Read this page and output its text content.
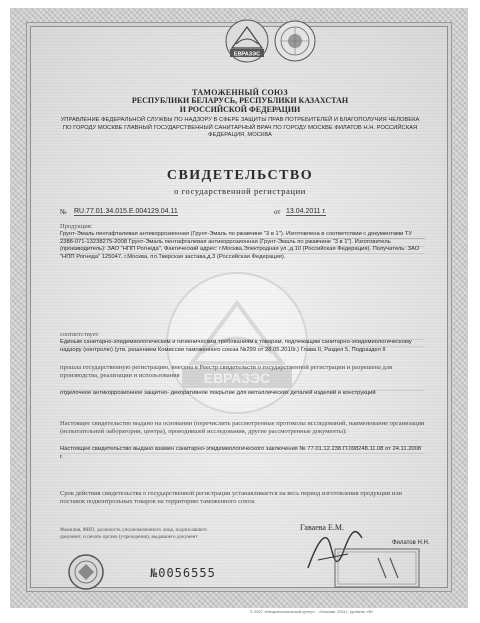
ЕВРАЗЭС
ТАМОЖЕННЫЙ СОЮЗ
РЕСПУБЛИКИ БЕЛАРУСЬ, РЕСПУБЛИКИ КАЗАХСТАН
И РОССИЙСКОЙ ФЕДЕРАЦИИ
УПРАВЛЕНИЕ ФЕДЕРАЛЬНОЙ СЛУЖБЫ ПО НАДЗОРУ В СФЕРЕ ЗАЩИТЫ ПРАВ ПОТРЕБИТЕЛЕЙ И БЛАГОПОЛУЧИЯ ЧЕЛОВЕКА ПО ГОРОДУ МОСКВЕ ГЛАВНЫЙ ГОСУДАРСТВЕННЫЙ САНИТАРНЫЙ ВРАЧ ПО ГОРОДУ МОСКВЕ ФИЛАТОВ Н.Н. РОССИЙСКАЯ ФЕДЕРАЦИЯ, МОСКВА
СВИДЕТЕЛЬСТВО
о государственной регистрации
№ RU.77.01.34.015.Е.004129.04.11	от 13.04.2011 г.
ЕВРАЗЭС
Продукция:
Грунт-Эмаль пентафталевая антикоррозионная (Грунт-Эмаль по ржавчине "3 в 1"). Изготовлена в соответствии с документами ТУ 2388-071-13238275-2008 Грунт-Эмаль пентафталевая антикоррозионная (Грунт-Эмаль по ржавчине "3 в 1"). Изготовитель (производитель): ЗАО "НПП Рогнеда", Фактический адрес: г.Москва,Электродная ул.,д.10 (Российская Федерация). Получатель: ЗАО "НПП Рогнеда" 125047, г.Москва, пл.Тверская застава,д.3 (Российская Федерация).
соответствует
Единым санитарно-эпидемиологическим и гигиеническим требованиям к товарам, подлежащим санитарно-эпидемиологическому надзору (контролю) (утв. решением Комиссии таможенного союза №299 от 28.05.2010г.) Глава II, Раздел 5, Подраздел II
прошла государственную регистрацию, внесена в Реестр свидетельств о государственной регистрации и разрешена для производства, реализации и использования
отделочное антикоррозионное защитно- декоративное покрытие для металлических деталей изделий и конструкций
Настоящее свидетельство выдано на основании (перечислить рассмотренные протоколы исследований, наименование организации (испытательной лаборатории, центра), проводившей исследования, другие рассмотренные документы):
Настоящее свидетельство выдано взамен санитарно-эпидемиологического заключения № 77.01.12.238.П.098248.11.08 от 24.11.2008 г.
Срок действия свидетельства о государственной регистрации устанавливается на весь период изготовления продукции или поставок подконтрольных товаров на территорию таможенного союза
Фамилия, ФИО, должность уполномоченного лица, подписавшего документ, и печать органа (учреждения), выдавшего документ
Гаваева Е.М.
Филатов Н.Н.
№0056555
© 2007 «Межрегиональный центр»…»Москва. 2011г., уровень «В»
